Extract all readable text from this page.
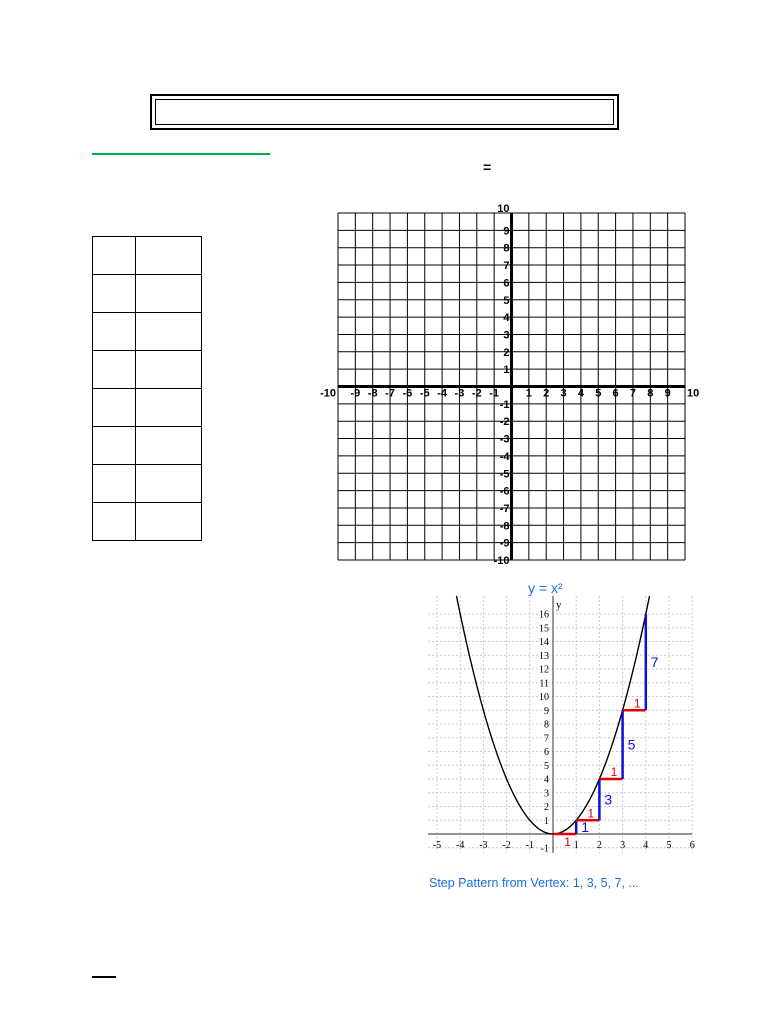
=

-10 -9 -8 -7 -6 -5 -4 -3 -2 -1 1 2 3 4 5 6 7 8 9 10
10
9
8
7
6
5
4
3
2
1
-1
-2
-3
-4
-5
-6
-7
-8
-9
-10
y = x²
y
-5 -4 -3 -2 -1	1 2 3 4 5 6
-1
1
2
3
4
5
6
7
8
9
10
11
12
13
14
15
16
1
1
1
3
1
5
1
7
Step Pattern from Vertex: 1, 3, 5, 7, ...
